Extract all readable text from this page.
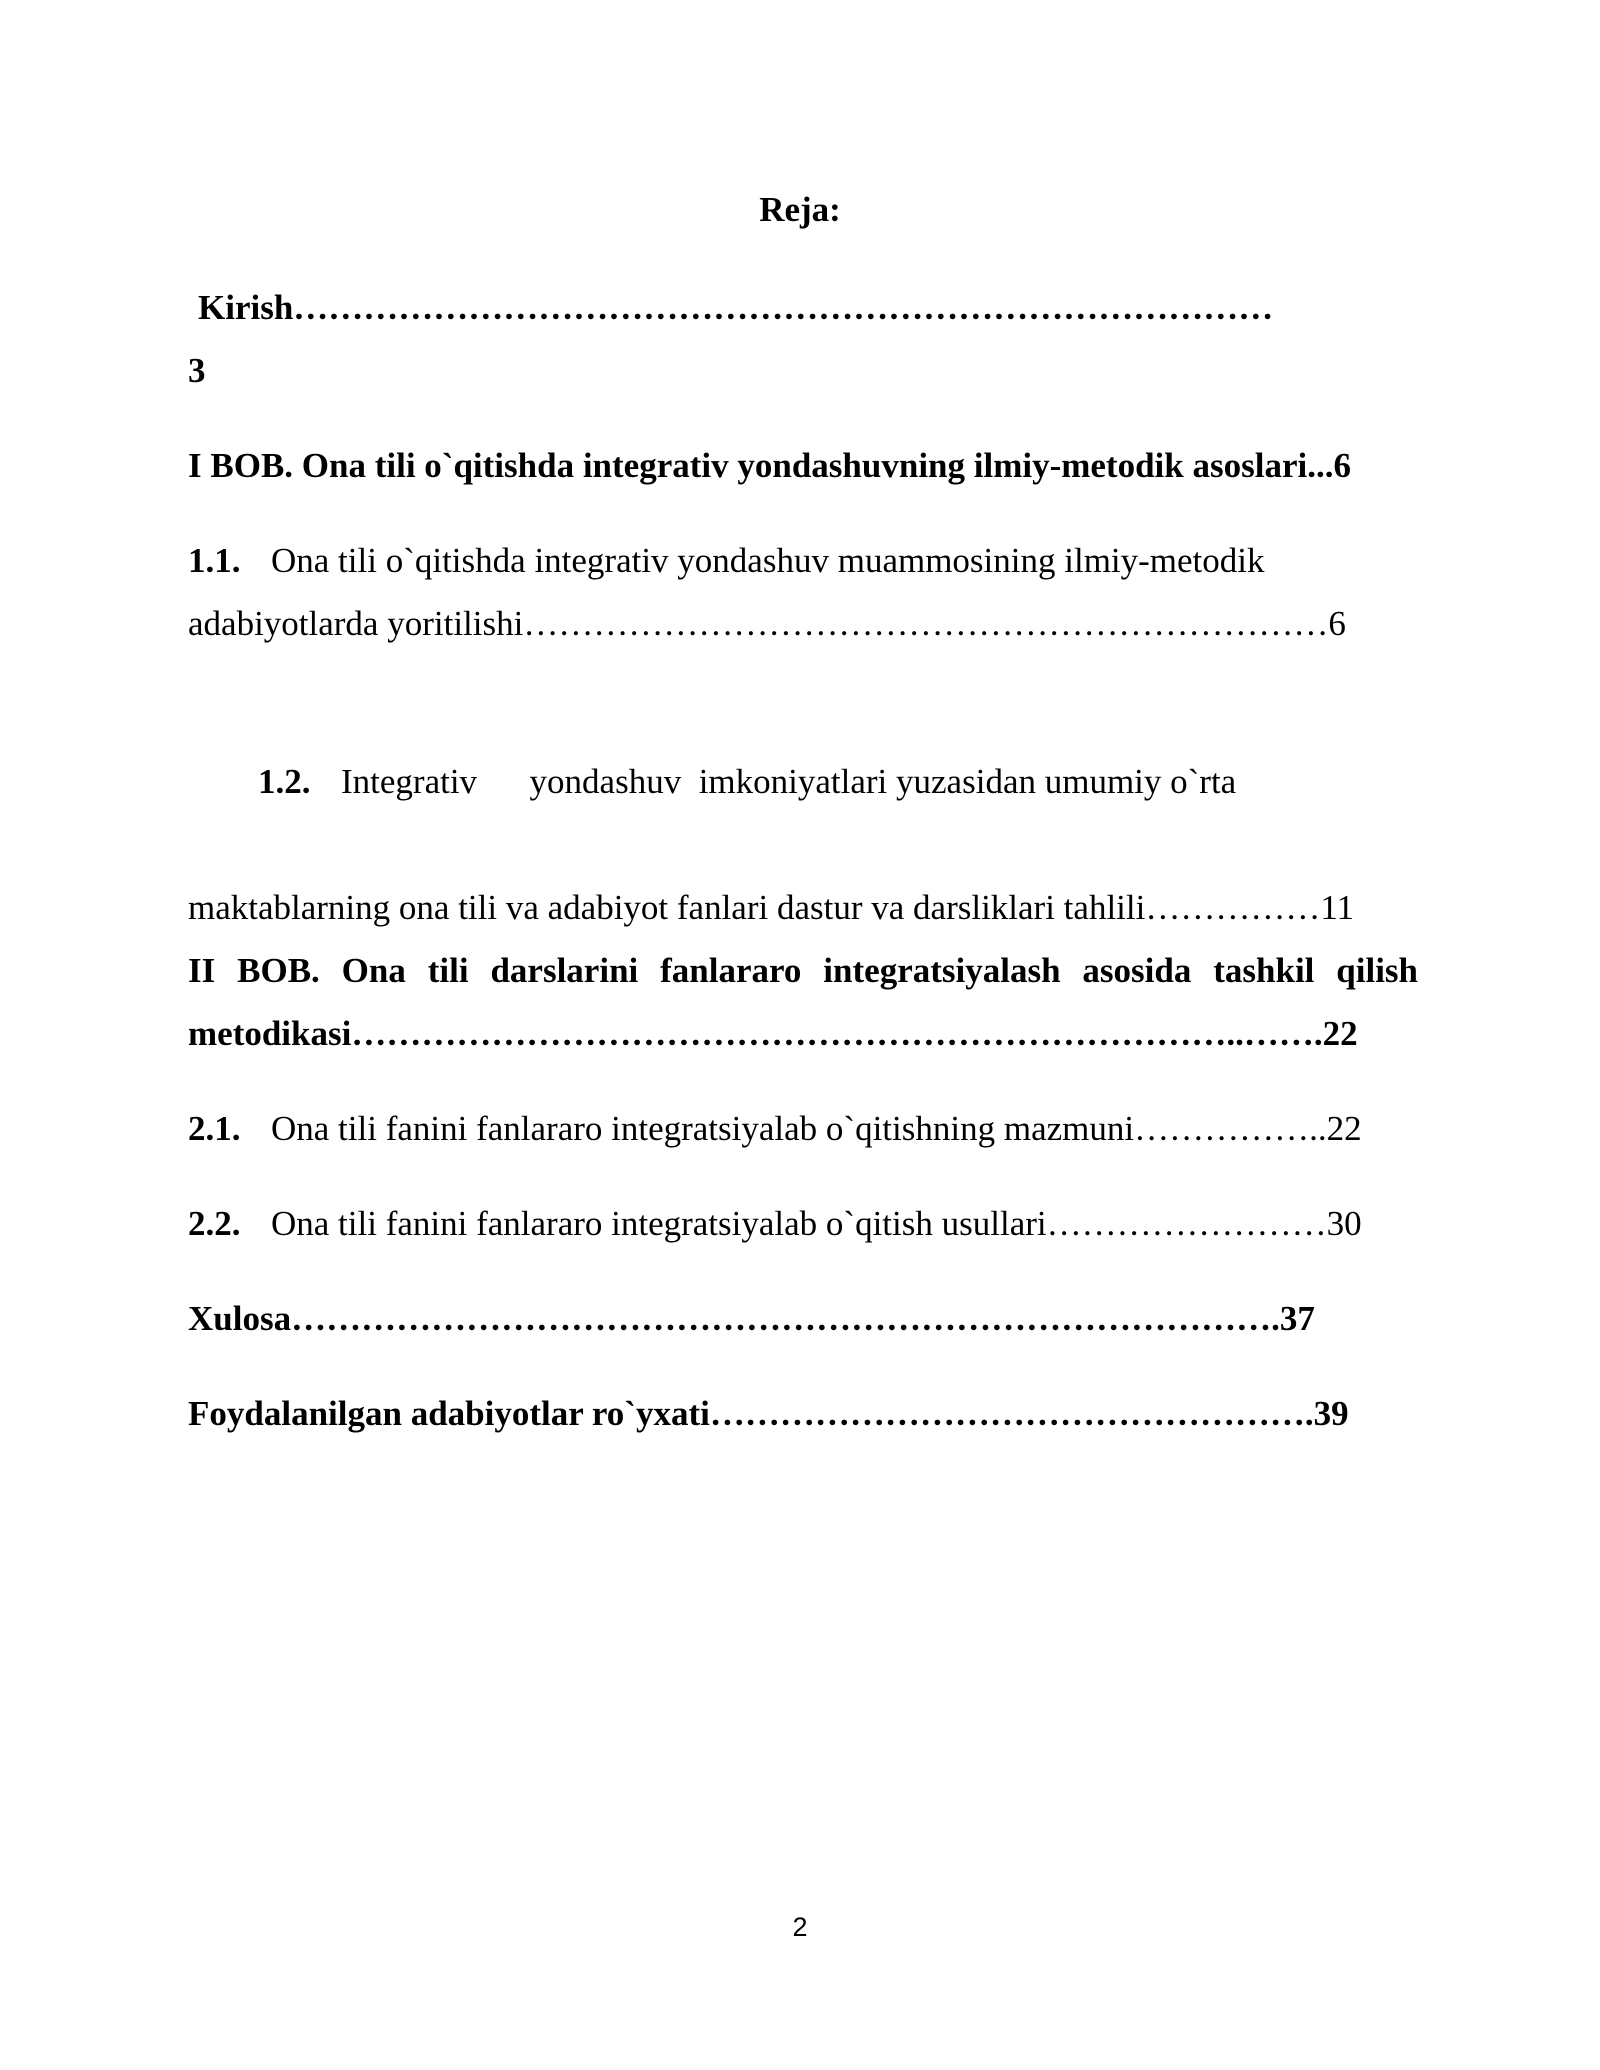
Reja:
Kirish…………………………………………………………………………
3
I BOB. Ona tili o`qitishda integrativ yondashuvning ilmiy-metodik asoslari...6
1.1. Ona tili o`qitishda integrativ yondashuv muammosining ilmiy-metodik
adabiyotlarda yoritilishi……………………………………………………………6

1.2. Integrativ      yondashuv  imkoniyatlari yuzasidan umumiy o`rta

maktablarning ona tili va adabiyot fanlari dastur va darsliklari tahlili……………11
II BOB. Ona tili darslarini fanlararo integratsiyalash asosida tashkil qilish
metodikasi…………………………………………………………………..…….22
2.1. Ona tili fanini fanlararo integratsiyalab o`qitishning mazmuni……………..22
2.2. Ona tili fanini fanlararo integratsiyalab o`qitish usullari……………………30
Xulosa………………………………………………………………………….37
Foydalanilgan adabiyotlar ro`yxati…………………………………………….39
2
